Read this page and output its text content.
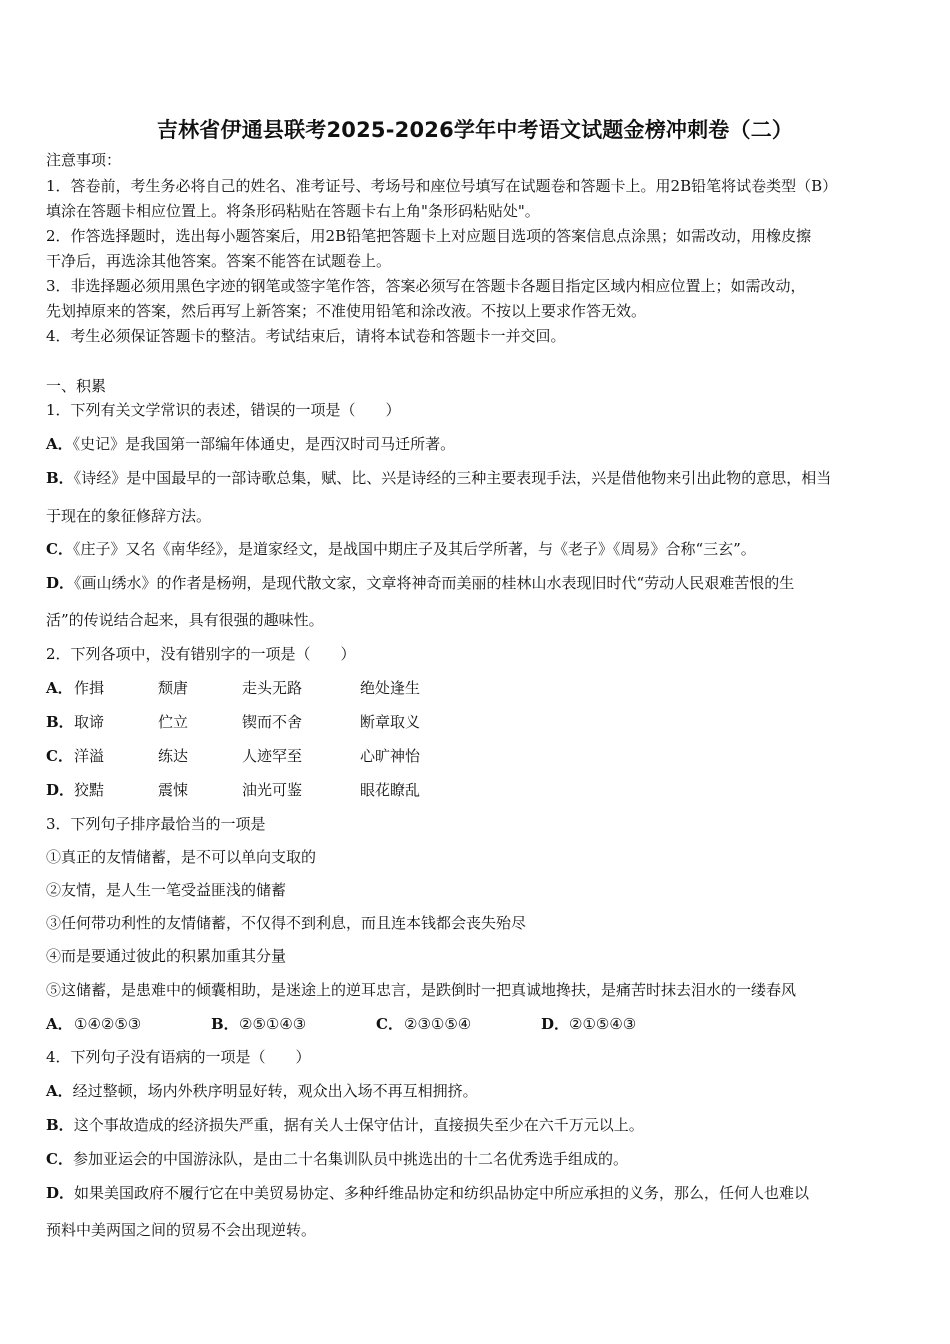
吉林省伊通县联考2025-2026学年中考语文试题金榜冲刺卷（二）
注意事项：
1．答卷前，考生务必将自己的姓名、准考证号、考场号和座位号填写在试题卷和答题卡上。用2B铅笔将试卷类型（B）
填涂在答题卡相应位置上。将条形码粘贴在答题卡右上角"条形码粘贴处"。
2．作答选择题时，选出每小题答案后，用2B铅笔把答题卡上对应题目选项的答案信息点涂黑；如需改动，用橡皮擦
干净后，再选涂其他答案。答案不能答在试题卷上。
3．非选择题必须用黑色字迹的钢笔或签字笔作答，答案必须写在答题卡各题目指定区域内相应位置上；如需改动，
先划掉原来的答案，然后再写上新答案；不准使用铅笔和涂改液。不按以上要求作答无效。
4．考生必须保证答题卡的整洁。考试结束后，请将本试卷和答题卡一并交回。
一、积累
1．下列有关文学常识的表述，错误的一项是（　　）
A．《史记》是我国第一部编年体通史，是西汉时司马迁所著。
B．《诗经》是中国最早的一部诗歌总集，赋、比、兴是诗经的三种主要表现手法，兴是借他物来引出此物的意思，相当
于现在的象征修辞方法。
C．《庄子》又名《南华经》，是道家经文，是战国中期庄子及其后学所著，与《老子》《周易》合称“三玄”。
D．《画山绣水》的作者是杨朔，是现代散文家，文章将神奇而美丽的桂林山水表现旧时代“劳动人民艰难苦恨的生
活”的传说结合起来，具有很强的趣味性。
2．下列各项中，没有错别字的一项是（　　）
A． 作揖	颓唐	走头无路	绝处逢生
B． 取谛	伫立	锲而不舍	断章取义
C． 洋溢	练达	人迹罕至	心旷神怡
D． 狡黠	震悚	油光可鉴	眼花瞭乱
3．下列句子排序最恰当的一项是
①真正的友情储蓄，是不可以单向支取的
②友情，是人生一笔受益匪浅的储蓄
③任何带功利性的友情储蓄，不仅得不到利息，而且连本钱都会丧失殆尽
④而是要通过彼此的积累加重其分量
⑤这储蓄，是患难中的倾囊相助，是迷途上的逆耳忠言，是跌倒时一把真诚地搀扶，是痛苦时抹去泪水的一缕春风
A． ①④②⑤③	B． ②⑤①④③	C． ②③①⑤④	D． ②①⑤④③
4．下列句子没有语病的一项是（　　）
A．经过整顿，场内外秩序明显好转，观众出入场不再互相拥挤。
B．这个事故造成的经济损失严重，据有关人士保守估计，直接损失至少在六千万元以上。
C．参加亚运会的中国游泳队，是由二十名集训队员中挑选出的十二名优秀选手组成的。
D．如果美国政府不履行它在中美贸易协定、多种纤维品协定和纺织品协定中所应承担的义务，那么，任何人也难以
预料中美两国之间的贸易不会出现逆转。
